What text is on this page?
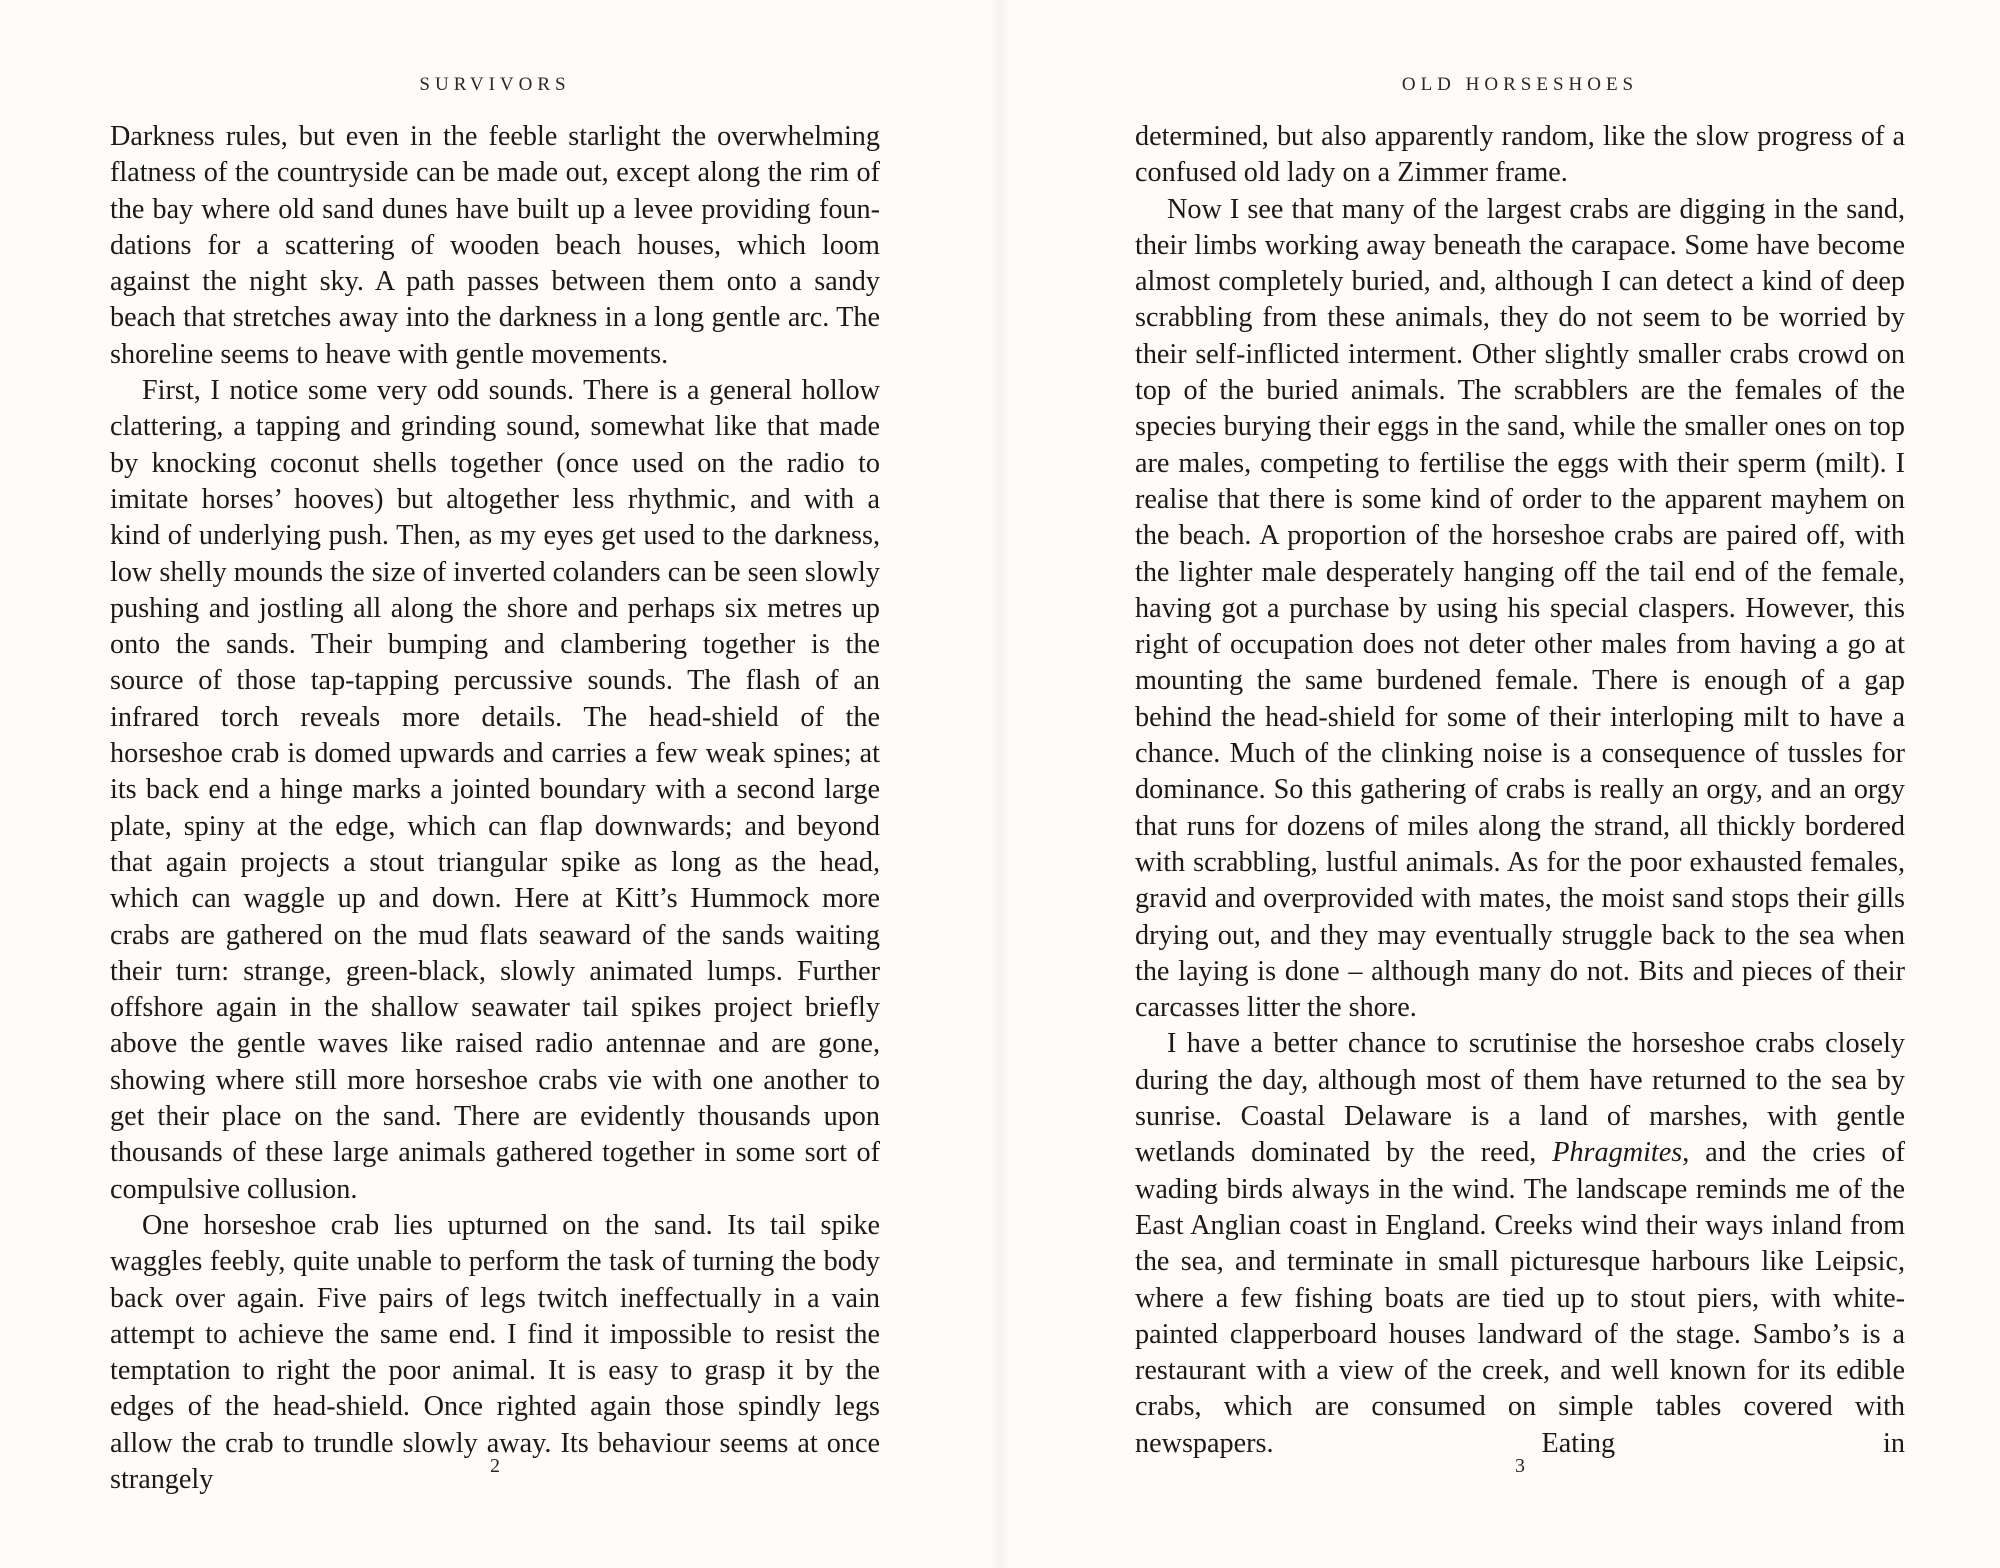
SURVIVORS

Darkness rules, but even in the feeble starlight the overwhelming flatness of the countryside can be made out, except along the rim of the bay where old sand dunes have built up a levee providing foundations for a scattering of wooden beach houses, which loom against the night sky. A path passes between them onto a sandy beach that stretches away into the darkness in a long gentle arc. The shoreline seems to heave with gentle movements.

First, I notice some very odd sounds. There is a general hollow clattering, a tapping and grinding sound, somewhat like that made by knocking coconut shells together (once used on the radio to imitate horses’ hooves) but altogether less rhythmic, and with a kind of underlying push. Then, as my eyes get used to the darkness, low shelly mounds the size of inverted colanders can be seen slowly pushing and jostling all along the shore and perhaps six metres up onto the sands. Their bumping and clambering together is the source of those tap-tapping percussive sounds. The flash of an infrared torch reveals more details. The head-shield of the horseshoe crab is domed upwards and carries a few weak spines; at its back end a hinge marks a jointed boundary with a second large plate, spiny at the edge, which can flap downwards; and beyond that again projects a stout triangular spike as long as the head, which can waggle up and down. Here at Kitt’s Hummock more crabs are gathered on the mud flats seaward of the sands waiting their turn: strange, green-black, slowly animated lumps. Further offshore again in the shallow seawater tail spikes project briefly above the gentle waves like raised radio antennae and are gone, showing where still more horseshoe crabs vie with one another to get their place on the sand. There are evidently thousands upon thousands of these large animals gathered together in some sort of compulsive collusion.

One horseshoe crab lies upturned on the sand. Its tail spike waggles feebly, quite unable to perform the task of turning the body back over again. Five pairs of legs twitch ineffectually in a vain attempt to achieve the same end. I find it impossible to resist the temptation to right the poor animal. It is easy to grasp it by the edges of the head-shield. Once righted again those spindly legs allow the crab to trundle slowly away. Its behaviour seems at once strangely	2
OLD HORSESHOES

determined, but also apparently random, like the slow progress of a confused old lady on a Zimmer frame.

Now I see that many of the largest crabs are digging in the sand, their limbs working away beneath the carapace. Some have become almost completely buried, and, although I can detect a kind of deep scrabbling from these animals, they do not seem to be worried by their self-inflicted interment. Other slightly smaller crabs crowd on top of the buried animals. The scrabblers are the females of the species burying their eggs in the sand, while the smaller ones on top are males, competing to fertilise the eggs with their sperm (milt). I realise that there is some kind of order to the apparent mayhem on the beach. A proportion of the horseshoe crabs are paired off, with the lighter male desperately hanging off the tail end of the female, having got a purchase by using his special claspers. However, this right of occupation does not deter other males from having a go at mounting the same burdened female. There is enough of a gap behind the head-shield for some of their interloping milt to have a chance. Much of the clinking noise is a consequence of tussles for dominance. So this gathering of crabs is really an orgy, and an orgy that runs for dozens of miles along the strand, all thickly bordered with scrabbling, lustful animals. As for the poor exhausted females, gravid and overprovided with mates, the moist sand stops their gills drying out, and they may eventually struggle back to the sea when the laying is done – although many do not. Bits and pieces of their carcasses litter the shore.

I have a better chance to scrutinise the horseshoe crabs closely during the day, although most of them have returned to the sea by sunrise. Coastal Delaware is a land of marshes, with gentle wetlands dominated by the reed, Phragmites, and the cries of wading birds always in the wind. The landscape reminds me of the East Anglian coast in England. Creeks wind their ways inland from the sea, and terminate in small picturesque harbours like Leipsic, where a few fishing boats are tied up to stout piers, with white-painted clapperboard houses landward of the stage. Sambo’s is a restaurant with a view of the creek, and well known for its edible crabs, which are consumed on simple tables covered with newspapers. Eating in

3
